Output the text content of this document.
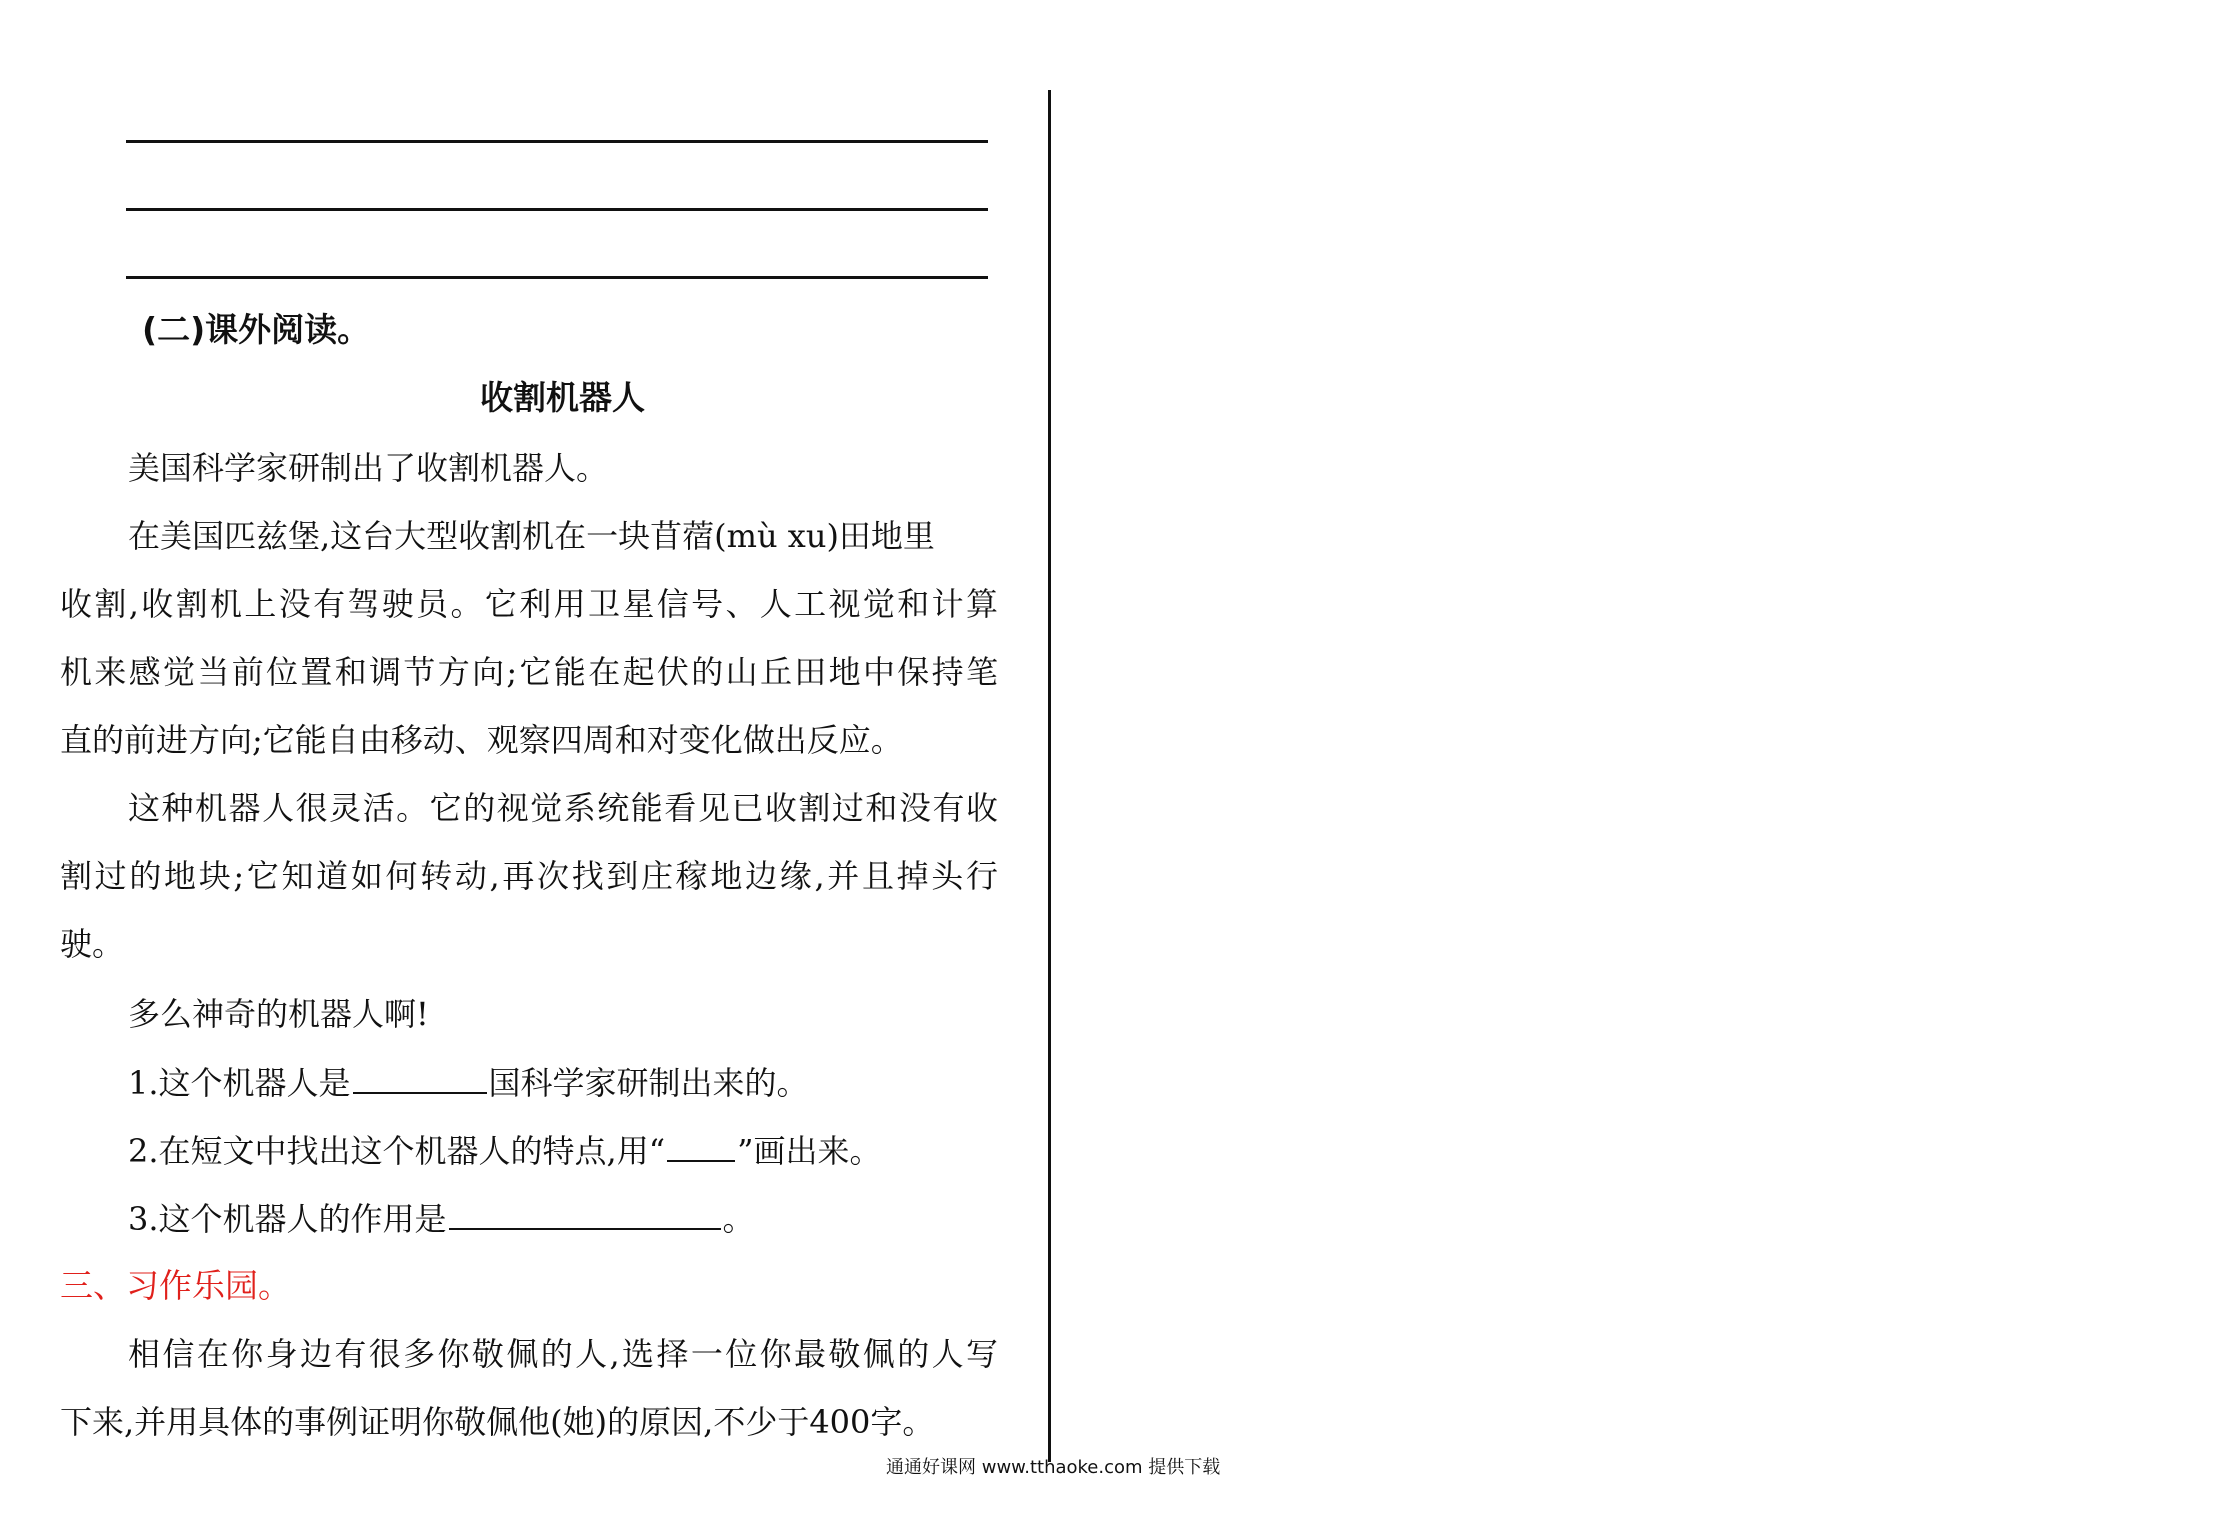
(二)课外阅读。
收割机器人
美国科学家研制出了收割机器人。
在美国匹兹堡,这台大型收割机在一块苜蓿(mù xu)田地里
收割,收割机上没有驾驶员。它利用卫星信号、人工视觉和计算
机来感觉当前位置和调节方向;它能在起伏的山丘田地中保持笔
直的前进方向;它能自由移动、观察四周和对变化做出反应。
这种机器人很灵活。它的视觉系统能看见已收割过和没有收
割过的地块;它知道如何转动,再次找到庄稼地边缘,并且掉头行
驶。
多么神奇的机器人啊!
1.这个机器人是	国科学家研制出来的。
2.在短文中找出这个机器人的特点,用“ ”画出来。
3.这个机器人的作用是	。
三、习作乐园。
相信在你身边有很多你敬佩的人,选择一位你最敬佩的人写
下来,并用具体的事例证明你敬佩他(她)的原因,不少于400字。
通通好课网 www.tthaoke.com 提供下载
